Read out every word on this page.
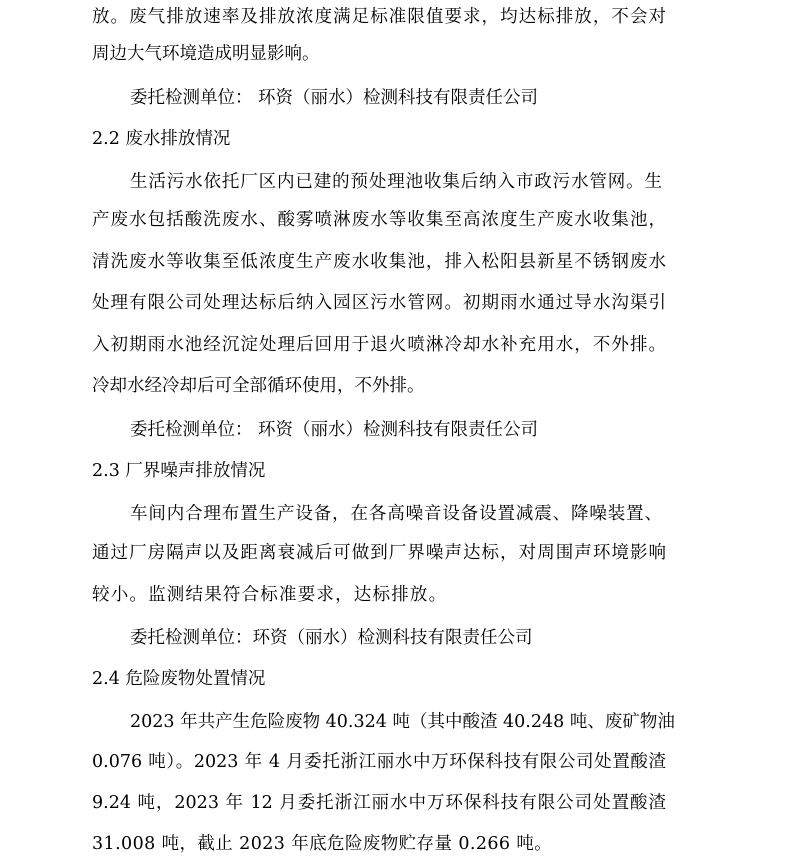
放。废气排放速率及排放浓度满足标准限值要求，均达标排放，不会对

周边大气环境造成明显影响。

委托检测单位： 环资（丽水）检测科技有限责任公司

2.2 废水排放情况

生活污水依托厂区内已建的预处理池收集后纳入市政污水管网。生

产废水包括酸洗废水、酸雾喷淋废水等收集至高浓度生产废水收集池，

清洗废水等收集至低浓度生产废水收集池，排入松阳县新星不锈钢废水

处理有限公司处理达标后纳入园区污水管网。初期雨水通过导水沟渠引

入初期雨水池经沉淀处理后回用于退火喷淋冷却水补充用水，不外排。

冷却水经冷却后可全部循环使用，不外排。

委托检测单位： 环资（丽水）检测科技有限责任公司

2.3 厂界噪声排放情况

车间内合理布置生产设备，在各高噪音设备设置减震、降噪装置、

通过厂房隔声以及距离衰减后可做到厂界噪声达标，对周围声环境影响

较小。监测结果符合标准要求，达标排放。

委托检测单位：环资（丽水）检测科技有限责任公司

2.4 危险废物处置情况

2023 年共产生危险废物 40.324 吨（其中酸渣 40.248 吨、废矿物油

0.076 吨）。2023 年 4 月委托浙江丽水中万环保科技有限公司处置酸渣

9.24 吨，2023 年 12 月委托浙江丽水中万环保科技有限公司处置酸渣

31.008 吨，截止 2023 年底危险废物贮存量 0.266 吨。
